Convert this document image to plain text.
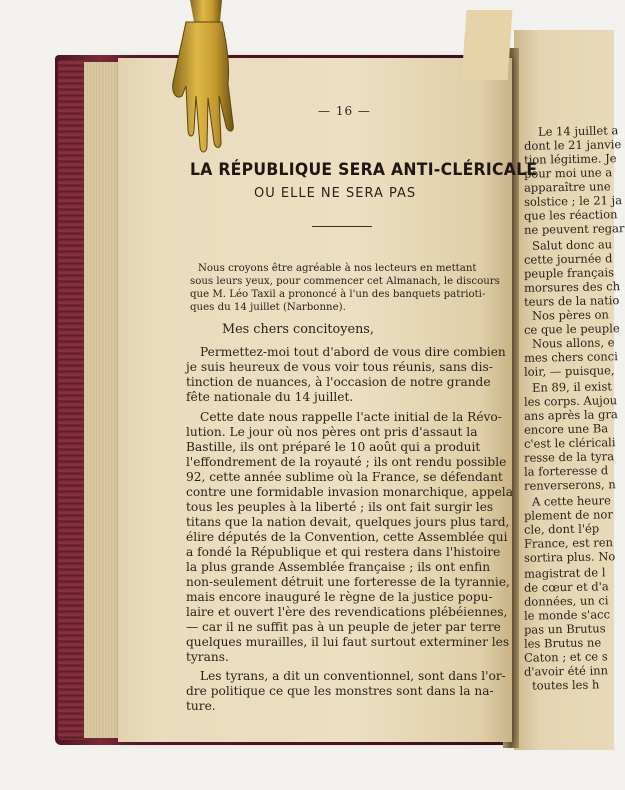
— 16 —
LA RÉPUBLIQUE SERA ANTI-CLÉRICALE
OU ELLE NE SERA PAS
Nous croyons être agréable à nos lecteurs en mettant
sous leurs yeux, pour commencer cet Almanach, le discours
que M. Léo Taxil a prononcé à l'un des banquets patrioti-
ques du 14 juillet (Narbonne).
Mes chers concitoyens,
Permettez-moi tout d'abord de vous dire combien
je suis heureux de vous voir tous réunis, sans dis-
tinction de nuances, à l'occasion de notre grande
fête nationale du 14 juillet.
Cette date nous rappelle l'acte initial de la Révo-
lution. Le jour où nos pères ont pris d'assaut la
Bastille, ils ont préparé le 10 août qui a produit
l'effondrement de la royauté ; ils ont rendu possible
92, cette année sublime où la France, se défendant
contre une formidable invasion monarchique, appela
tous les peuples à la liberté ; ils ont fait surgir les
titans que la nation devait, quelques jours plus tard,
élire députés de la Convention, cette Assemblée qui
a fondé la République et qui restera dans l'histoire
la plus grande Assemblée française ; ils ont enfin
non-seulement détruit une forteresse de la tyrannie,
mais encore inauguré le règne de la justice popu-
laire et ouvert l'ère des revendications plébéiennes,
— car il ne suffit pas à un peuple de jeter par terre
quelques murailles, il lui faut surtout exterminer les
tyrans.
Les tyrans, a dit un conventionnel, sont dans l'or-
dre politique ce que les monstres sont dans la na-
ture.
Le 14 juillet a
dont le 21 janvie
tion légitime. Je
pour moi une a
apparaître une
solstice ; le 21 ja
que les réaction
ne peuvent regar
Salut donc au
cette journée d
peuple français
morsures des ch
teurs de la natio
Nos pères on
ce que le peuple
Nous allons, e
mes chers conci
loir, — puisque,
En 89, il exist
les corps. Aujou
ans après la gra
encore une Ba
c'est le cléricali
resse de la tyra
la forteresse d
renverserons, n
A cette heure
plement de nor
cle, dont l'ép
France, est ren
sortira plus. No
magistrat de l
de cœur et d'a
données, un ci
le monde s'acc
pas un Brutus
les Brutus ne
Caton ; et ce s
d'avoir été inn
toutes les h
